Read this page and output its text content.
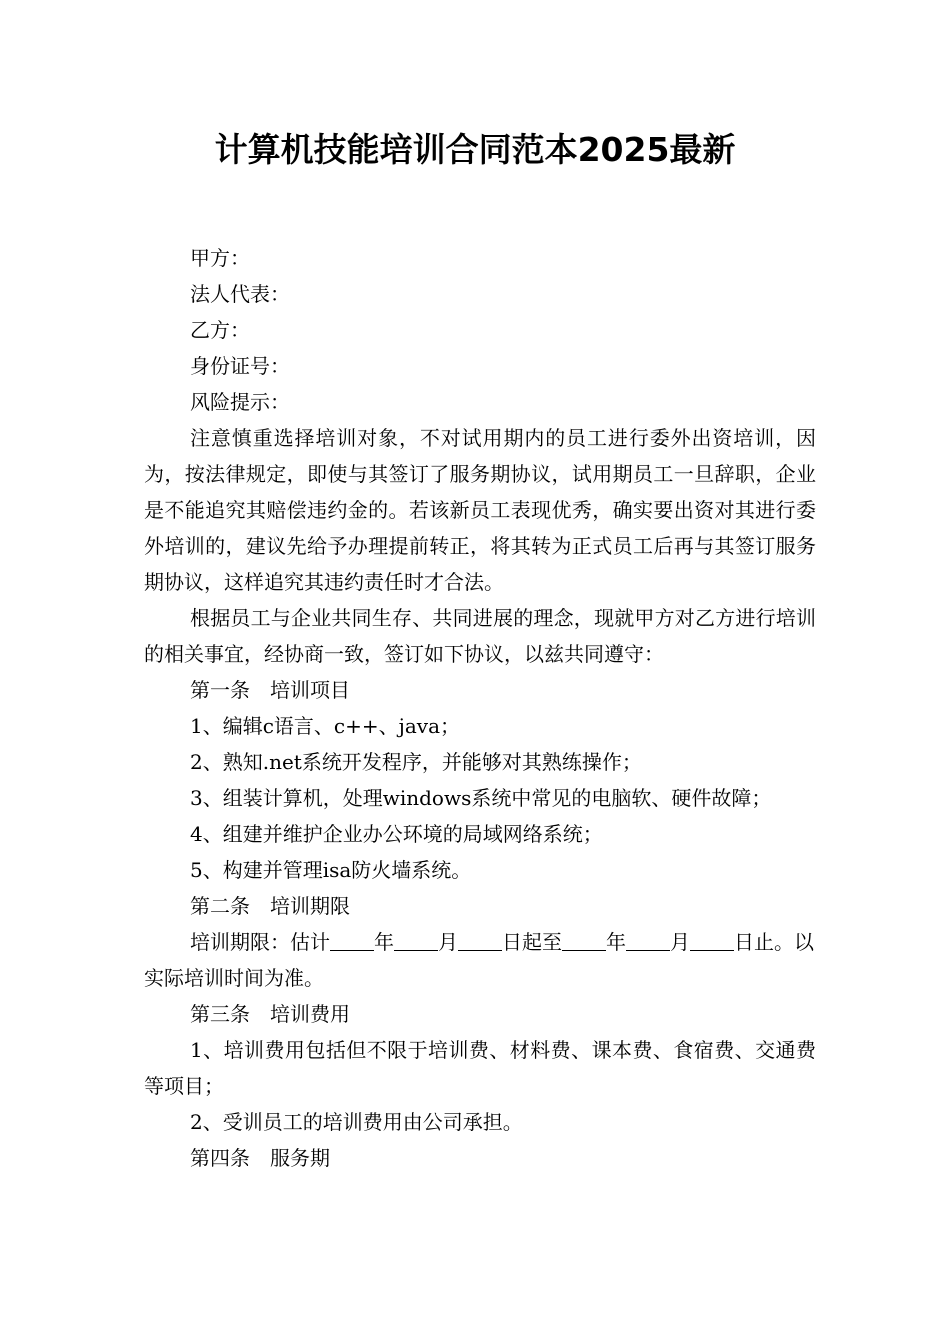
计算机技能培训合同范本2025最新

甲方：

法人代表：

乙方：

身份证号：

风险提示：

注意慎重选择培训对象，不对试用期内的员工进行委外出资培训，因为，按法律规定，即使与其签订了服务期协议，试用期员工一旦辞职，企业是不能追究其赔偿违约金的。若该新员工表现优秀，确实要出资对其进行委外培训的，建议先给予办理提前转正，将其转为正式员工后再与其签订服务期协议，这样追究其违约责任时才合法。

根据员工与企业共同生存、共同进展的理念，现就甲方对乙方进行培训的相关事宜，经协商一致，签订如下协议，以兹共同遵守：

第一条　培训项目

1、编辑c语言、c++、java；

2、熟知.net系统开发程序，并能够对其熟练操作；

3、组装计算机，处理windows系统中常见的电脑软、硬件故障；

4、组建并维护企业办公环境的局域网络系统；

5、构建并管理isa防火墙系统。

第二条　培训期限

培训期限：估计 年 月 日起至 年 月 日止。以实际培训时间为准。

第三条　培训费用

1、培训费用包括但不限于培训费、材料费、课本费、食宿费、交通费等项目；

2、受训员工的培训费用由公司承担。

第四条　服务期
